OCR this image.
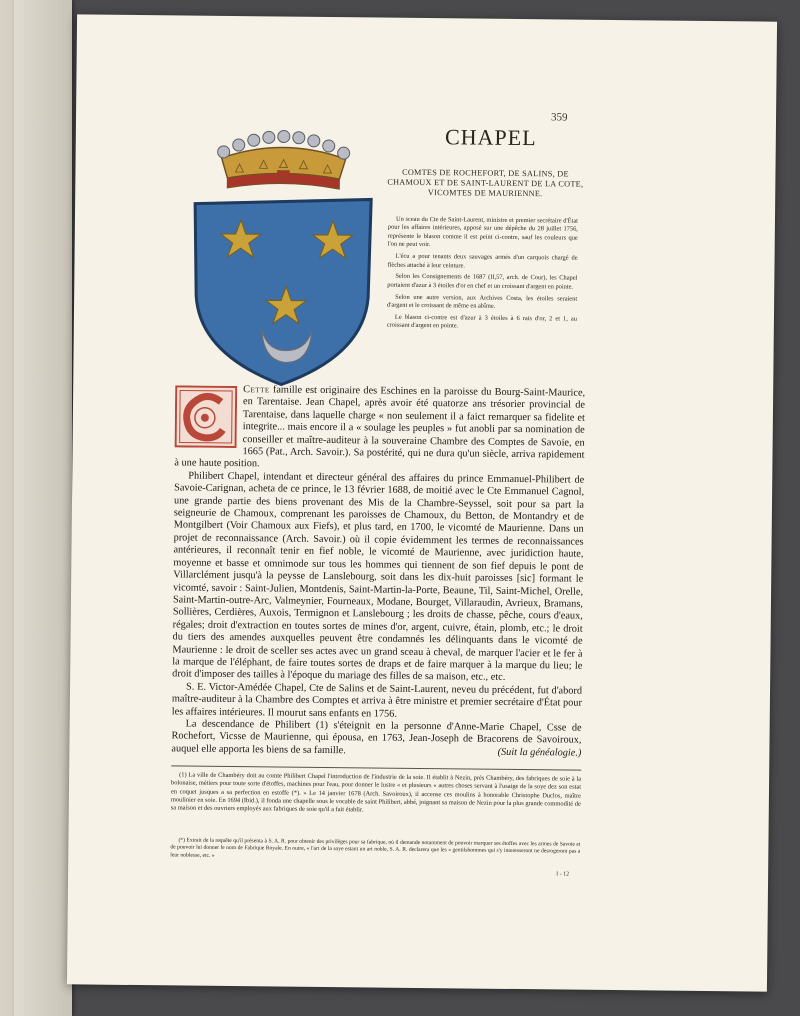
359
CHAPEL
COMTES DE ROCHEFORT, DE SALINS, DE CHAMOUX ET DE SAINT-LAURENT DE LA COTE, VICOMTES DE MAURIENNE.

Un sceau du Cte de Saint-Laurent, ministre et premier secrétaire d'État pour les affaires intérieures, apposé sur une dépêche du 28 juillet 1756, représente le blason comme il est peint ci-contre, sauf les couleurs que l'on ne peut voir.

L'écu a pour tenants deux sauvages armés d'un carquois chargé de flèches attaché à leur ceinture.

Selon les Consignements de 1687 (II,57, arch. de Cour), les Chapel portaient d'azur à 3 étoiles d'or en chef et un croissant d'argent en pointe.

Selon une autre version, aux Archives Costa, les étoiles seraient d'argent et le croissant de même en abîme.

Le blason ci-contre est d'azur à 3 étoiles à 6 rais d'or, 2 et 1, au croissant d'argent en pointe.

Cette famille est originaire des Eschines en la paroisse du Bourg-Saint-Maurice, en Tarentaise. Jean Chapel, après avoir été quatorze ans trésorier provincial de Tarentaise, dans laquelle charge « non seulement il a faict remarquer sa fidelite et integrite... mais encore il a « soulage les peuples » fut anobli par sa nomination de conseiller et maître-auditeur à la souveraine Chambre des Comptes de Savoie, en 1665 (Pat., Arch. Savoir.). Sa postérité, qui ne dura qu'un siècle, arriva rapidement à une haute position.

Philibert Chapel, intendant et directeur général des affaires du prince Emmanuel-Philibert de Savoie-Carignan, acheta de ce prince, le 13 février 1688, de moitié avec le Cte Emmanuel Cagnol, une grande partie des biens provenant des Mis de la Chambre-Seyssel, soit pour sa part la seigneurie de Chamoux, comprenant les paroisses de Chamoux, du Betton, de Montandry et de Montgilbert (Voir Chamoux aux Fiefs), et plus tard, en 1700, le vicomté de Maurienne. Dans un projet de reconnaissance (Arch. Savoir.) où il copie évidemment les termes de reconnaissances antérieures, il reconnaît tenir en fief noble, le vicomté de Maurienne, avec juridiction haute, moyenne et basse et omnimode sur tous les hommes qui tiennent de son fief depuis le pont de Villarclément jusqu'à la peysse de Lanslebourg, soit dans les dix-huit paroisses [sic] formant le vicomté, savoir : Saint-Julien, Montdenis, Saint-Martin-la-Porte, Beaune, Til, Saint-Michel, Orelle, Saint-Martin-outre-Arc, Valmeynier, Fourneaux, Modane, Bourget, Villaraudin, Avrieux, Bramans, Sollières, Cerdières, Auxois, Termignon et Lanslebourg ; les droits de chasse, pêche, cours d'eaux, régales; droit d'extraction en toutes sortes de mines d'or, argent, cuivre, étain, plomb, etc.; le droit du tiers des amendes auxquelles peuvent être condamnés les délinquants dans le vicomté de Maurienne : le droit de sceller ses actes avec un grand sceau à cheval, de marquer l'acier et le fer à la marque de l'éléphant, de faire toutes sortes de draps et de faire marquer à la marque du lieu; le droit d'imposer des tailles à l'époque du mariage des filles de sa maison, etc., etc.

S. E. Victor-Amédée Chapel, Cte de Salins et de Saint-Laurent, neveu du précédent, fut d'abord maître-auditeur à la Chambre des Comptes et arriva à être ministre et premier secrétaire d'État pour les affaires intérieures. Il mourut sans enfants en 1756.

La descendance de Philibert (1) s'éteignit en la personne d'Anne-Marie Chapel, Csse de Rochefort, Vicsse de Maurienne, qui épousa, en 1763, Jean-Joseph de Bracorens de Savoiroux, auquel elle apporta les biens de sa famille.	(Suit la généalogie.)

(1) La ville de Chambéry doit au comte Philibert Chapel l'introduction de l'industrie de la soie. Il établit à Nezin, près Chambéry, des fabriques de soie à la bolonaise, métiers pour toute sorte d'étoffes, machines pour l'eau, pour donner le lustre « et plusieurs « autres choses servant à l'usaige de la soye dez son estat en coquet jusques a sa perfection en estoffe (*). » Le 14 janvier 1678 (Arch. Savoiroux), il accense ces moulins à honorable Christophe Duclos, maître moulinier en soie. En 1694 (Ibid.), il fonda une chapelle sous le vocable de saint Philibert, abbé, joignant sa maison de Nezin pour la plus grande commodité de sa maison et des ouvriers employés aux fabriques de soie qu'il a fait établir.

(*) Extrait de la requête qu'il présenta à S. A. R. pour obtenir des privilèges pour sa fabrique, où il demande notamment de pouvoir marquer ses étoffes avec les armes de Savoie et de pouvoir lui donner le nom de Fabrique Royale. En outre, « l'art de la soye estant un art noble, S. A. R. declarera que les « gentilshommes qui s'y interesseront ne desrogeront pas a leur noblesse, etc. »

I - 12
